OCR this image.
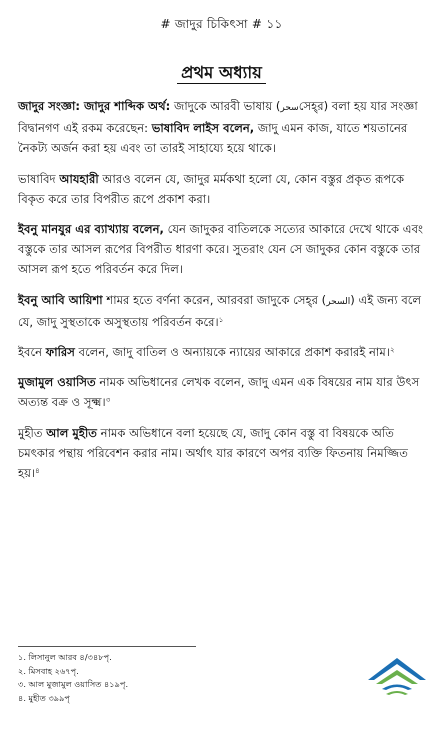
# জাদুর চিকিৎসা # ১১
প্রথম অধ্যায়

জাদুর সংজ্ঞা: জাদুর শাব্দিক অর্থ: জাদুকে আরবী ভাষায় (سحرসেহ্‌র) বলা হয় যার সংজ্ঞা বিদ্বানগণ এই রকম করেছেন: ভাষাবিদ লাইস বলেন, জাদু এমন কাজ, যাতে শয়তানের নৈকট্য অর্জন করা হয় এবং তা তারই সাহায্যে হয়ে থাকে।

ভাষাবিদ আযহারী আরও বলেন যে, জাদুর মর্মকথা হলো যে, কোন বস্তুর প্রকৃত রূপকে বিকৃত করে তার বিপরীত রূপে প্রকাশ করা।

ইবনু মানযুর এর ব্যাখ্যায় বলেন, যেন জাদুকর বাতিলকে সত্যের আকারে দেখে থাকে এবং বস্তুকে তার আসল রূপের বিপরীত ধারণা করে। সুতরাং যেন সে জাদুকর কোন বস্তুকে তার আসল রূপ হতে পরিবর্তন করে দিল।

ইবনু আবি আয়িশা শামর হতে বর্ণনা করেন, আরবরা জাদুকে সেহ্‌র (السحر) এই জন্য বলে যে, জাদু সুস্থতাকে অসুস্থতায় পরিবর্তন করে।$^১$

ইবনে ফারিস বলেন, জাদু বাতিল ও অন্যায়কে ন্যায়ের আকারে প্রকাশ করারই নাম।$^২$

মুজামুল ওয়াসিত নামক অভিধানের লেখক বলেন, জাদু এমন এক বিষয়ের নাম যার উৎস অত্যন্ত বক্র ও সূক্ষ্ম।$^৩$

মুহীত আল মুহীত নামক অভিধানে বলা হয়েছে যে, জাদু কোন বস্তু বা বিষয়কে অতি চমৎকার পন্থায় পরিবেশন করার নাম। অর্থাৎ যার কারণে অপর ব্যক্তি ফিতনায় নিমজ্জিত হয়।$^৪$

১. লিসানুল আরব ৪/৩৪৮পৃ.
২. মিসবাহ ২৬৭পৃ.
৩. আল মুজামুল ওয়াসিত ৪১৯পৃ.
৪. মুহীত ৩৯৯পৃ
